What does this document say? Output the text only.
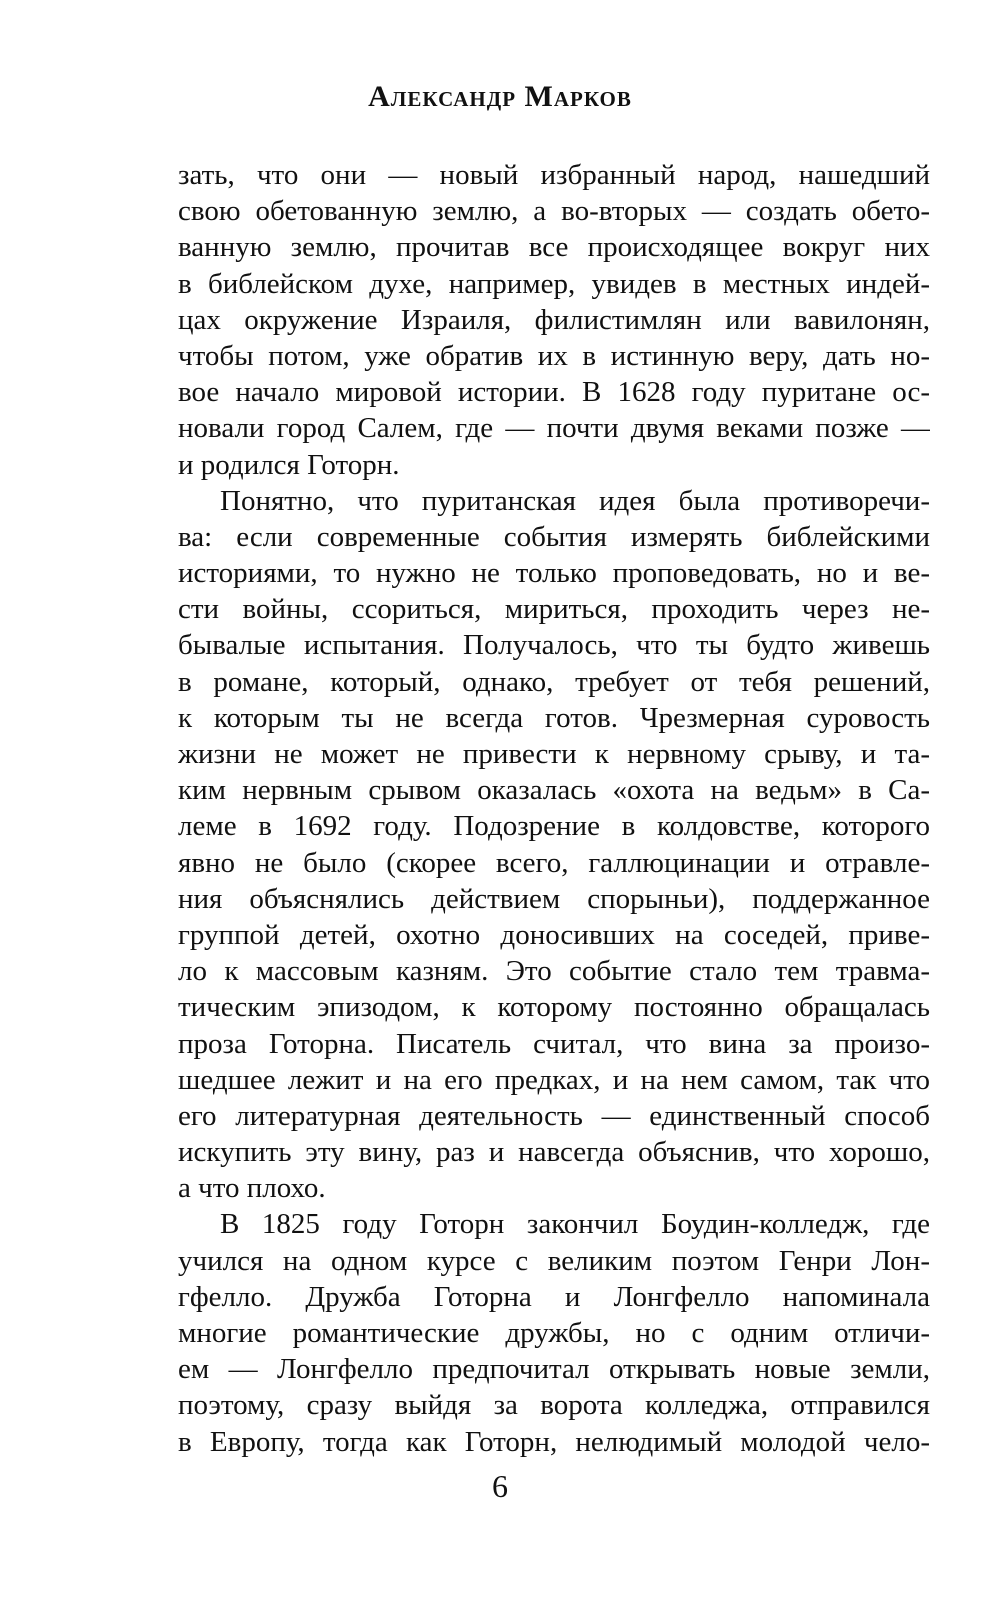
Александр Марков
зать, что они — новый избранный народ, нашедший
свою обетованную землю, а во-вторых — создать обето-
ванную землю, прочитав все происходящее вокруг них
в библейском духе, например, увидев в местных индей-
цах окружение Израиля, филистимлян или вавилонян,
чтобы потом, уже обратив их в истинную веру, дать но-
вое начало мировой истории. В 1628 году пуритане ос-
новали город Салем, где — почти двумя веками позже —
и родился Готорн.
Понятно, что пуританская идея была противоречи-
ва: если современные события измерять библейскими
историями, то нужно не только проповедовать, но и ве-
сти войны, ссориться, мириться, проходить через не-
бывалые испытания. Получалось, что ты будто живешь
в романе, который, однако, требует от тебя решений,
к которым ты не всегда готов. Чрезмерная суровость
жизни не может не привести к нервному срыву, и та-
ким нервным срывом оказалась «охота на ведьм» в Са-
леме в 1692 году. Подозрение в колдовстве, которого
явно не было (скорее всего, галлюцинации и отравле-
ния объяснялись действием спорыньи), поддержанное
группой детей, охотно доносивших на соседей, приве-
ло к массовым казням. Это событие стало тем травма-
тическим эпизодом, к которому постоянно обращалась
проза Готорна. Писатель считал, что вина за произо-
шедшее лежит и на его предках, и на нем самом, так что
его литературная деятельность — единственный способ
искупить эту вину, раз и навсегда объяснив, что хорошо,
а что плохо.
В 1825 году Готорн закончил Боудин-колледж, где
учился на одном курсе с великим поэтом Генри Лон-
гфелло. Дружба Готорна и Лонгфелло напоминала
многие романтические дружбы, но с одним отличи-
ем — Лонгфелло предпочитал открывать новые земли,
поэтому, сразу выйдя за ворота колледжа, отправился
в Европу, тогда как Готорн, нелюдимый молодой чело-

6
